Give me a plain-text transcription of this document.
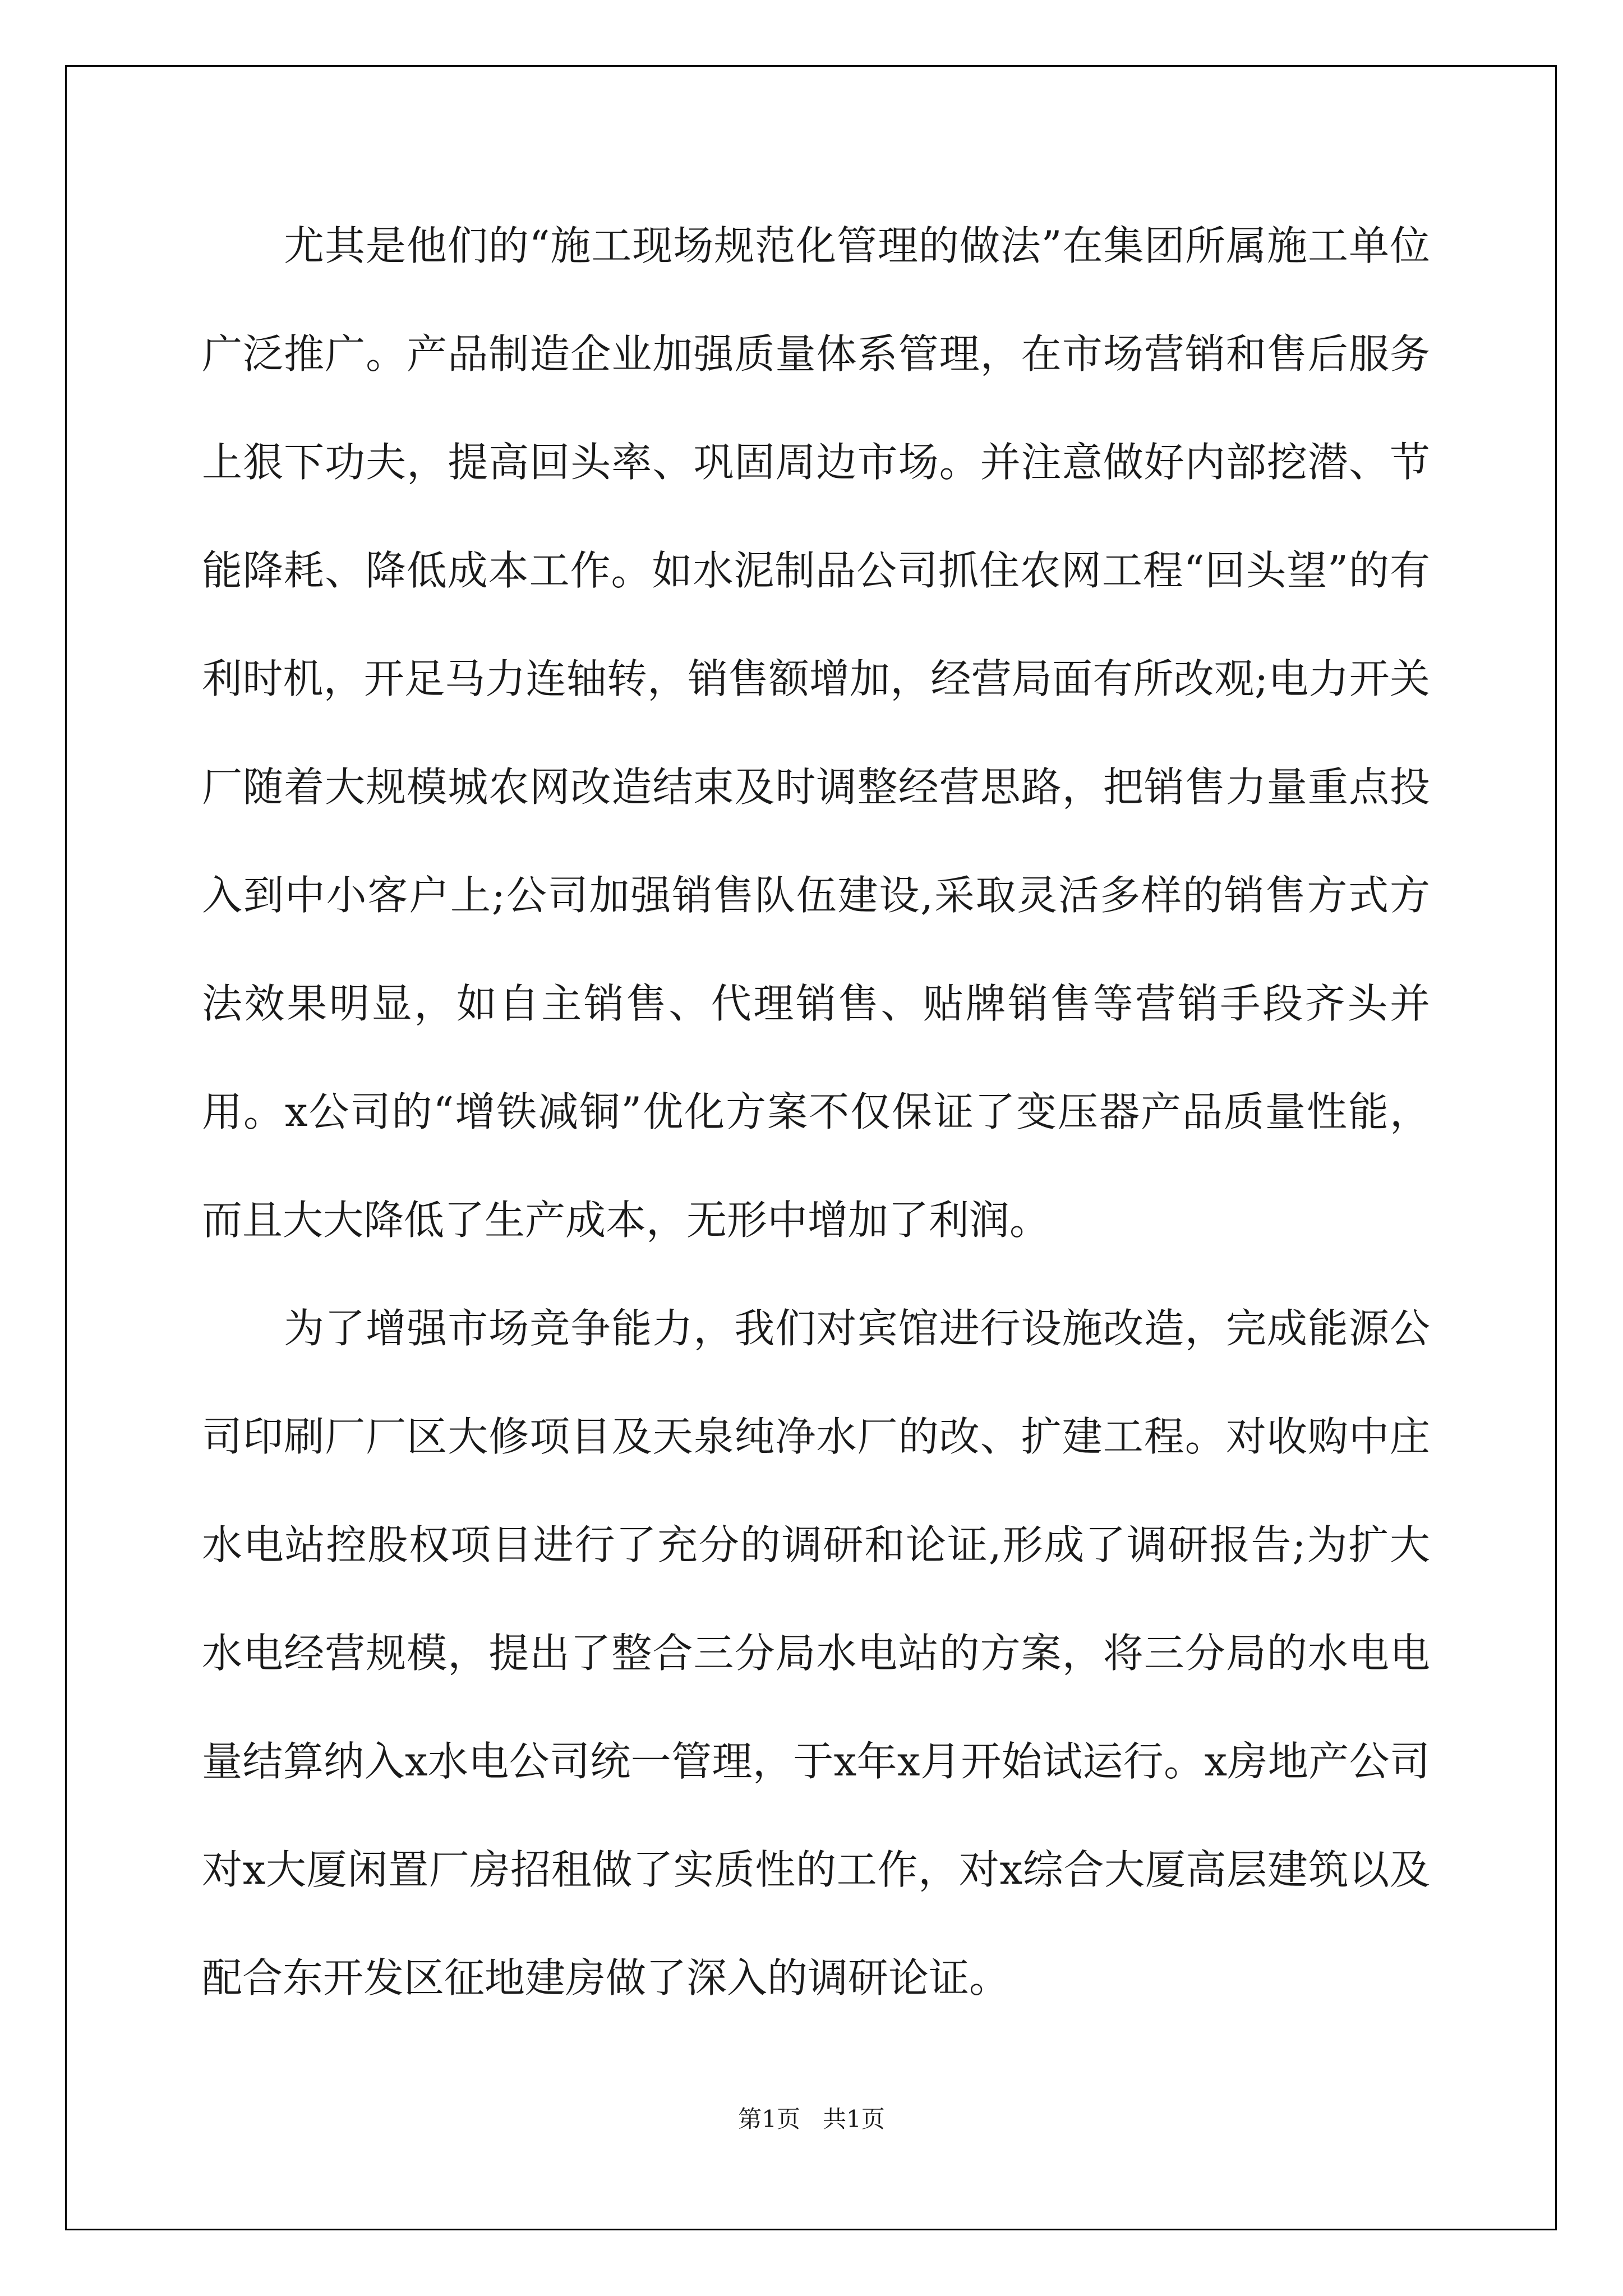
尤其是他们的“施工现场规范化管理的做法”在集团所属施工单位广泛推广。产品制造企业加强质量体系管理，在市场营销和售后服务上狠下功夫，提高回头率、巩固周边市场。并注意做好内部挖潜、节能降耗、降低成本工作。如水泥制品公司抓住农网工程“回头望”的有利时机，开足马力连轴转，销售额增加，经营局面有所改观;电力开关厂随着大规模城农网改造结束及时调整经营思路，把销售力量重点投入到中小客户上;公司加强销售队伍建设,采取灵活多样的销售方式方法效果明显，如自主销售、代理销售、贴牌销售等营销手段齐头并用。x公司的“增铁减铜”优化方案不仅保证了变压器产品质量性能，而且大大降低了生产成本，无形中增加了利润。

为了增强市场竞争能力，我们对宾馆进行设施改造，完成能源公司印刷厂厂区大修项目及天泉纯净水厂的改、扩建工程。对收购中庄水电站控股权项目进行了充分的调研和论证,形成了调研报告;为扩大水电经营规模，提出了整合三分局水电站的方案，将三分局的水电电量结算纳入x水电公司统一管理，于x年x月开始试运行。x房地产公司对x大厦闲置厂房招租做了实质性的工作，对x综合大厦高层建筑以及配合东开发区征地建房做了深入的调研论证。

第1页   共1页
